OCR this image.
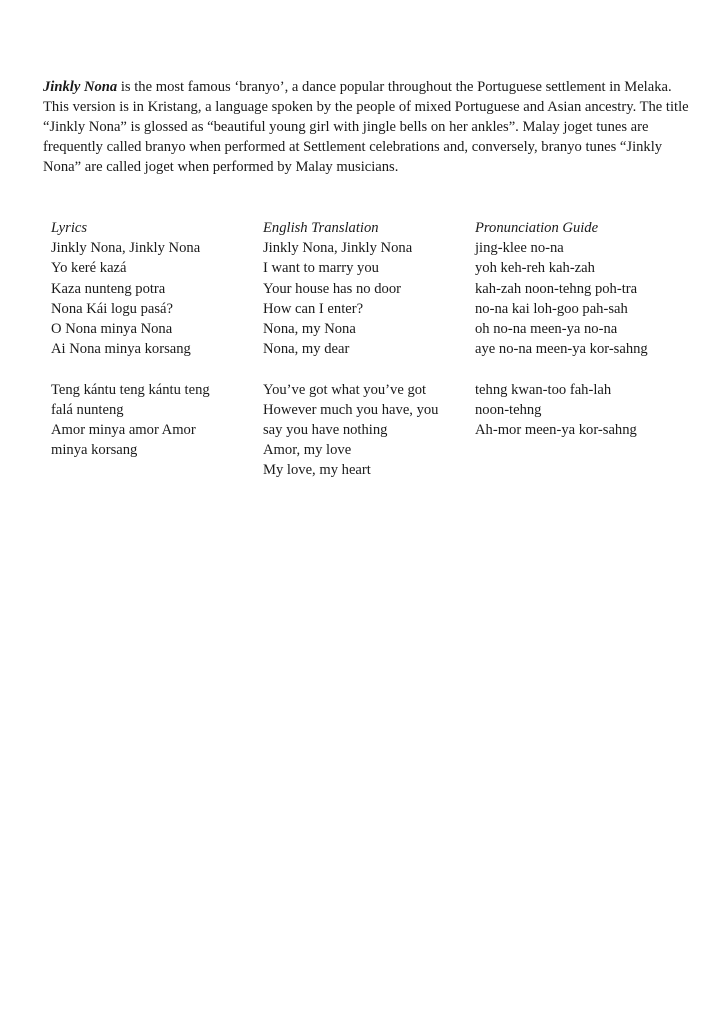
Jinkly Nona is the most famous ‘branyo’, a dance popular throughout the Portuguese settlement in Melaka. This version is in Kristang, a language spoken by the people of mixed Portuguese and Asian ancestry. The title “Jinkly Nona” is glossed as “beautiful young girl with jingle bells on her ankles”. Malay joget tunes are frequently called branyo when performed at Settlement celebrations and, conversely, branyo tunes “Jinkly Nona” are called joget when performed by Malay musicians.

Lyrics
Jinkly Nona, Jinkly Nona
Yo keré kazá
Kaza nunteng potra
Nona Kái logu pasá?
O Nona minya Nona
Ai Nona minya korsang
Teng kántu teng kántu teng
falá nunteng
Amor minya amor Amor
minya korsang
English Translation
Jinkly Nona, Jinkly Nona
I want to marry you
Your house has no door
How can I enter?
Nona, my Nona
Nona, my dear
You’ve got what you’ve got
However much you have, you
say you have nothing
Amor, my love
My love, my heart
Pronunciation Guide
jing-klee no-na
yoh keh-reh kah-zah
kah-zah noon-tehng poh-tra
no-na kai loh-goo pah-sah
oh no-na meen-ya no-na
aye no-na meen-ya kor-sahng
tehng kwan-too fah-lah
noon-tehng
Ah-mor meen-ya kor-sahng
